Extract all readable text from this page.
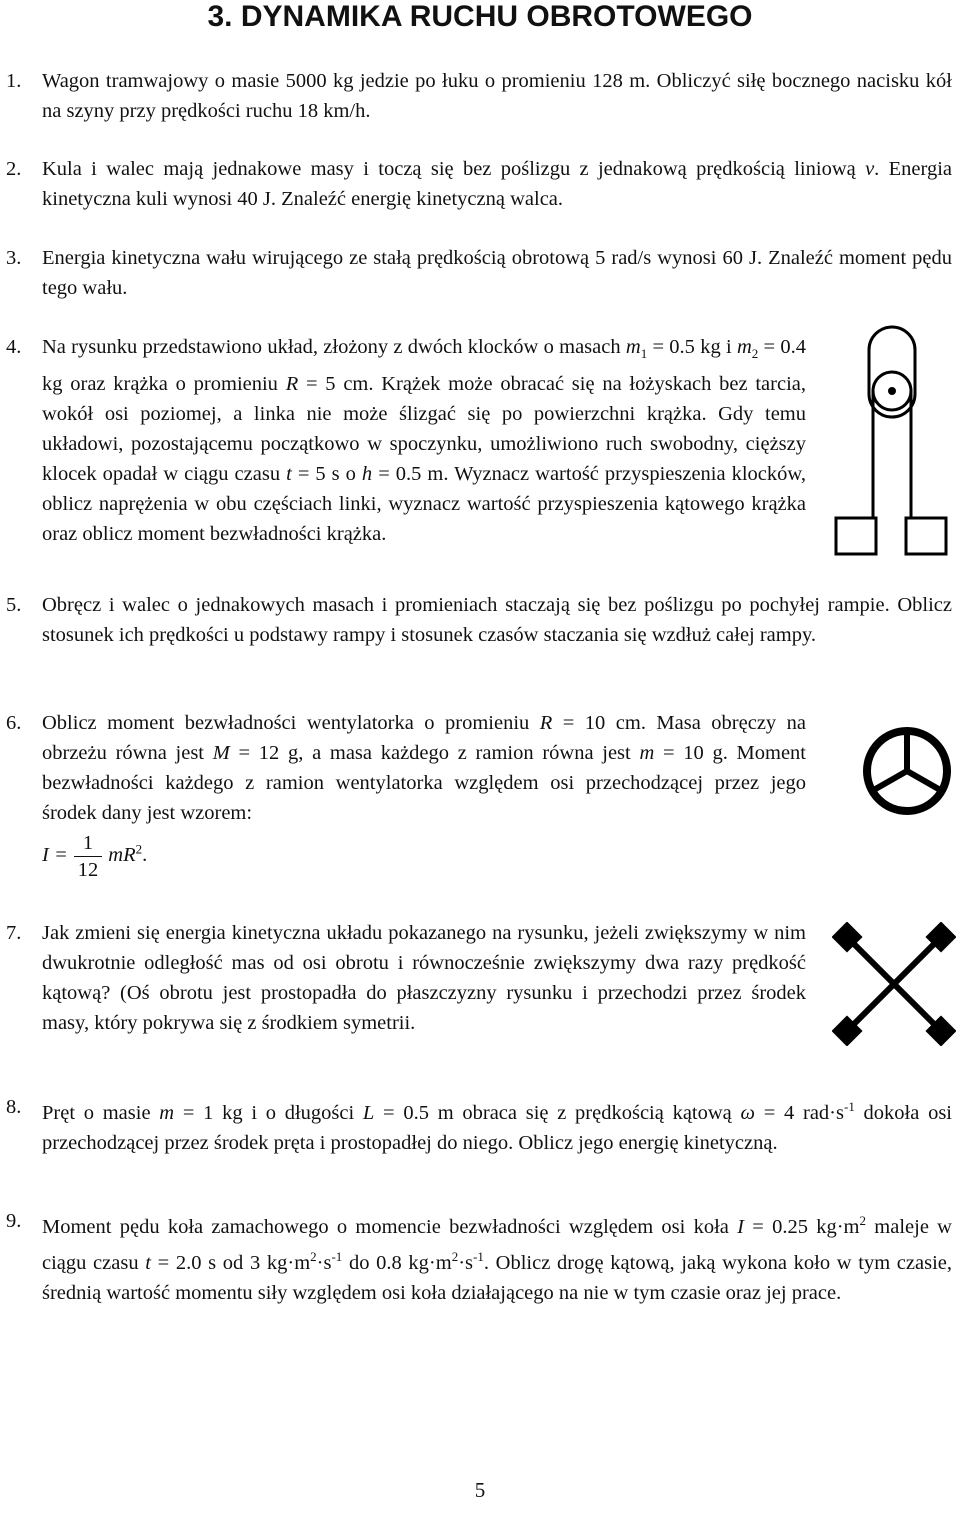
3. DYNAMIKA RUCHU OBROTOWEGO
1. Wagon tramwajowy o masie 5000 kg jedzie po łuku o promieniu 128 m. Obliczyć siłę bocznego nacisku kół na szyny przy prędkości ruchu 18 km/h.

2. Kula i walec mają jednakowe masy i toczą się bez poślizgu z jednakową prędkością liniową v. Energia kinetyczna kuli wynosi 40 J. Znaleźć energię kinetyczną walca.

3. Energia kinetyczna wału wirującego ze stałą prędkością obrotową 5 rad/s wynosi 60 J. Znaleźć moment pędu tego wału.

4. Na rysunku przedstawiono układ, złożony z dwóch klocków o masach $m_1 = 0.5$ kg i $m_2 = 0.4$ kg oraz krążka o promieniu R = 5 cm. Krążek może obracać się na łożyskach bez tarcia, wokół osi poziomej, a linka nie może ślizgać się po powierzchni krążka. Gdy temu układowi, pozostającemu początkowo w spoczynku, umożliwiono ruch swobodny, cięższy klocek opadał w ciągu czasu t = 5 s o h = 0.5 m. Wyznacz wartość przyspieszenia klocków, oblicz naprężenia w obu częściach linki, wyznacz wartość przyspieszenia kątowego krążka oraz oblicz moment bezwładności krążka.

5. Obręcz i walec o jednakowych masach i promieniach staczają się bez poślizgu po pochyłej rampie. Oblicz stosunek ich prędkości u podstawy rampy i stosunek czasów staczania się wzdłuż całej rampy.

6. Oblicz moment bezwładności wentylatorka o promieniu R = 10 cm. Masa obręczy na obrzeżu równa jest M = 12 g, a masa każdego z ramion równa jest m = 10 g. Moment bezwładności każdego z ramion wentylatorka względem osi przechodzącej przez jego środek dany jest wzorem:

$I = \frac{1}{12} mR^2$.
7. Jak zmieni się energia kinetyczna układu pokazanego na rysunku, jeżeli zwiększymy w nim dwukrotnie odległość mas od osi obrotu i równocześnie zwiększymy dwa razy prędkość kątową? (Oś obrotu jest prostopadła do płaszczyzny rysunku i przechodzi przez środek masy, który pokrywa się z środkiem symetrii.

8. Pręt o masie m = 1 kg i o długości L = 0.5 m obraca się z prędkością kątową ω = 4 $rad\cdot s^{-1}$ dokoła osi przechodzącej przez środek pręta i prostopadłej do niego. Oblicz jego energię kinetyczną.

9. Moment pędu koła zamachowego o momencie bezwładności względem osi koła I = 0.25 $kg\cdot m^2$ maleje w ciągu czasu t = 2.0 s od 3 $kg\cdot m^2\cdot s^{-1}$ do 0.8 $kg\cdot m^2\cdot s^{-1}$. Oblicz drogę kątową, jaką wykona koło w tym czasie, średnią wartość momentu siły względem osi koła działającego na nie w tym czasie oraz jej prace.

5
